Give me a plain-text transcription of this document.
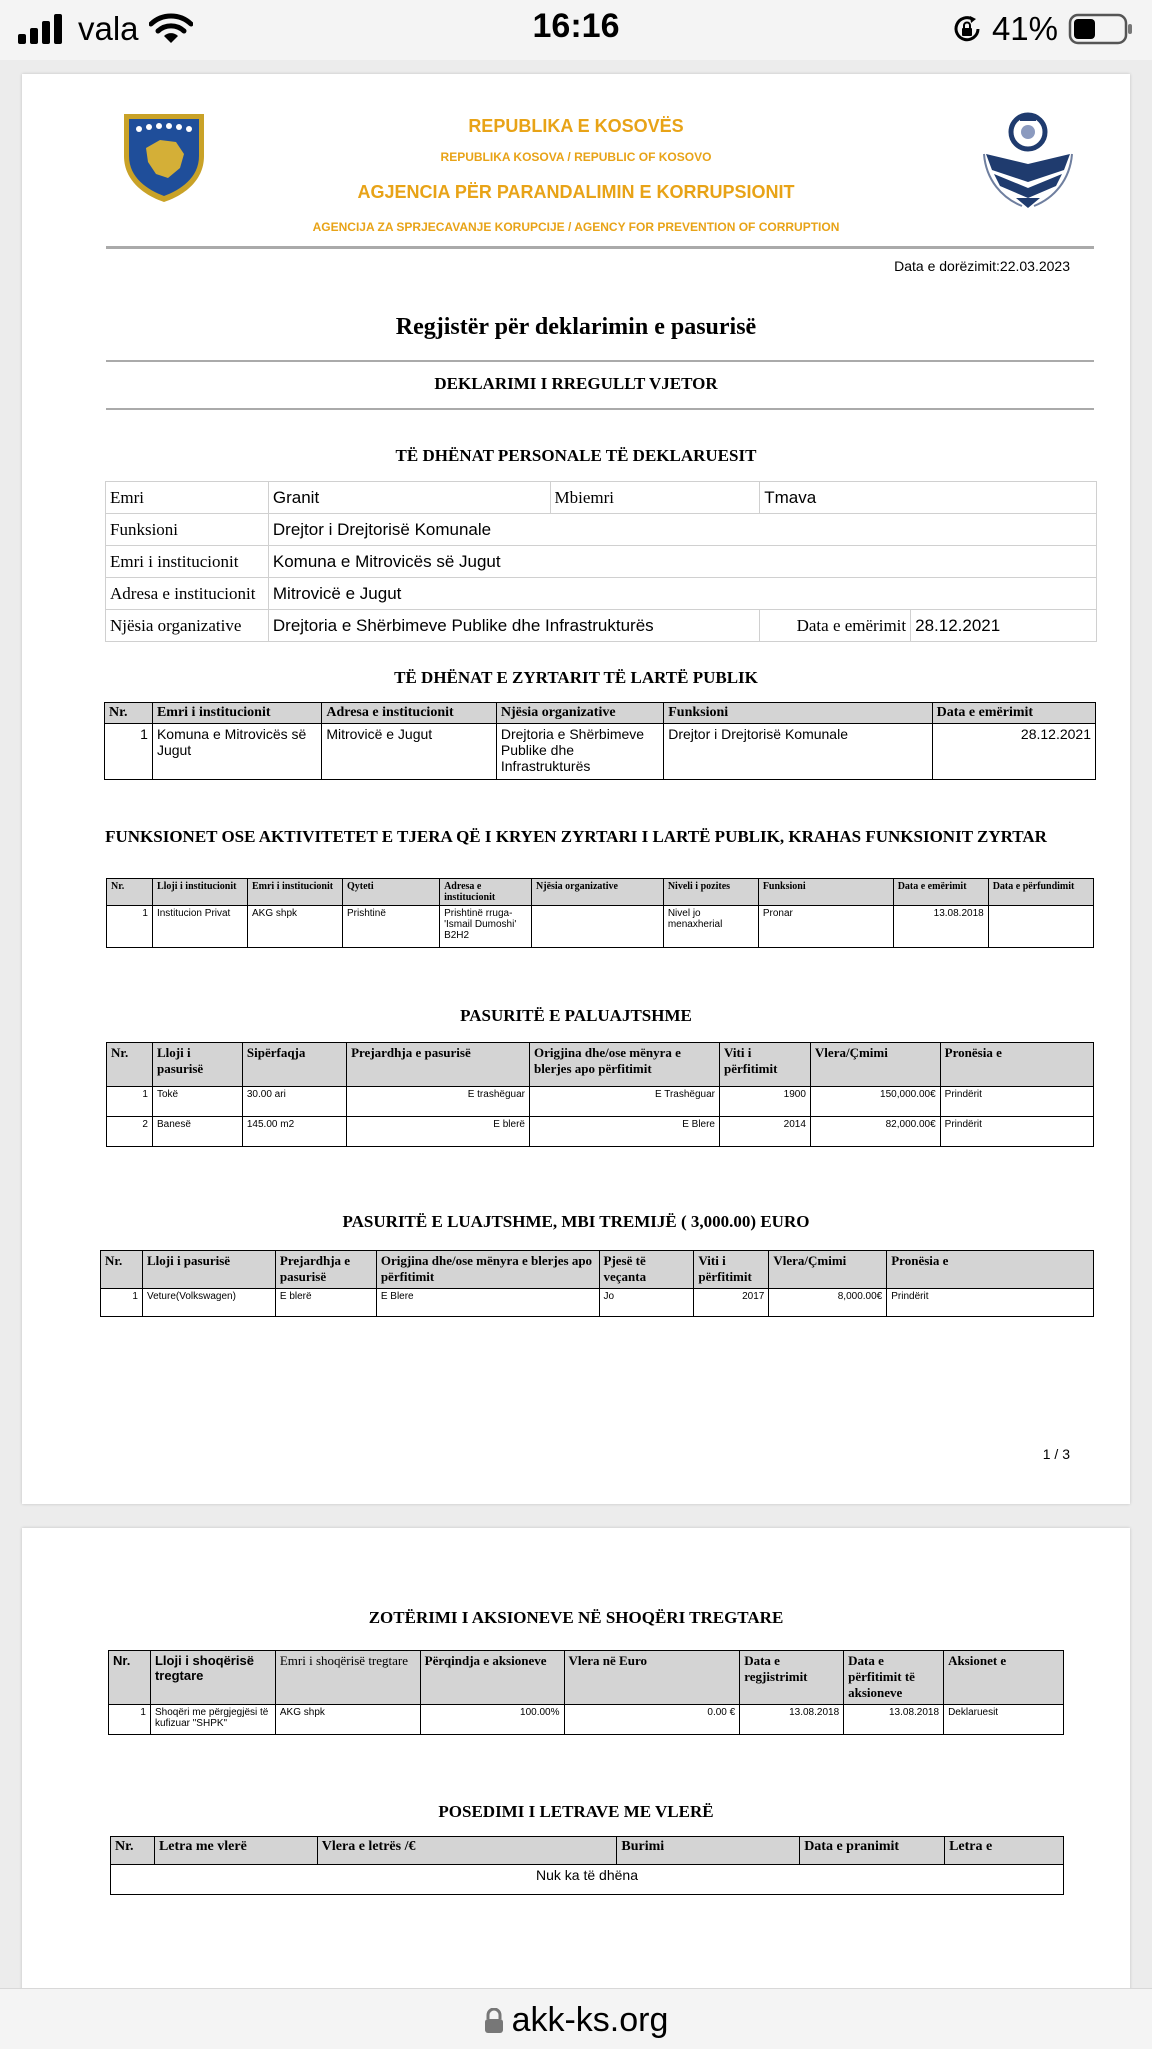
vala	16:16	41%
REPUBLIKA E KOSOVËS
REPUBLIKA KOSOVA / REPUBLIC OF KOSOVO
AGJENCIA PËR PARANDALIMIN E KORRUPSIONIT
AGENCIJA ZA SPRJECAVANJE KORUPCIJE / AGENCY FOR PREVENTION OF CORRUPTION
Data e dorëzimit:22.03.2023
Regjistër për deklarimin e pasurisë
DEKLARIMI I RREGULLT VJETOR
TË DHËNAT PERSONALE TË DEKLARUESIT
Emri	Granit	Mbiemri	Tmava	
Funksioni	Drejtor i Drejtorisë Komunale			
Emri i institucionit	Komuna e Mitrovicës së Jugut			
Adresa e institucionit	Mitrovicë e Jugut			
Njësia organizative	Drejtoria e Shërbimeve Publike dhe Infrastrukturës		Data e emërimit	28.12.2021
TË DHËNAT E ZYRTARIT TË LARTË PUBLIK
Nr.	Emri i institucionit	Adresa e institucionit	Njësia organizative	Funksioni	Data e emërimit
1	Komuna e Mitrovicës së Jugut	Mitrovicë e Jugut	Drejtoria e Shërbimeve Publike dhe Infrastrukturës	Drejtor i Drejtorisë Komunale	28.12.2021
FUNKSIONET OSE AKTIVITETET E TJERA QË I KRYEN ZYRTARI I LARTË PUBLIK, KRAHAS FUNKSIONIT ZYRTAR
Nr.	Lloji i institucionit	Emri i institucionit	Qyteti	Adresa e institucionit	Njësia organizative	Niveli i pozites	Funksioni	Data e emërimit	Data e përfundimit
1	Institucion Privat	AKG shpk	Prishtinë	Prishtinë rruga-'Ismail Dumoshi' B2H2		Nivel jo menaxherial	Pronar	13.08.2018	
PASURITË E PALUAJTSHME
Nr.	Lloji i pasurisë	Sipërfaqja	Prejardhja e pasurisë	Origjina dhe/ose mënyra e blerjes apo përfitimit	Viti i përfitimit	Vlera/Çmimi	Pronësia e
1	Tokë	30.00 ari	E trashëguar	E Trashëguar	1900	150,000.00€	Prindërit
2	Banesë	145.00 m2	E blerë	E Blere	2014	82,000.00€	Prindërit
PASURITË E LUAJTSHME, MBI TREMIJË ( 3,000.00) EURO
Nr.	Lloji i pasurisë	Prejardhja e pasurisë	Origjina dhe/ose mënyra e blerjes apo përfitimit	Pjesë të veçanta	Viti i përfitimit	Vlera/Çmimi	Pronësia e
1	Veture(Volkswagen)	E blerë	E Blere	Jo	2017	8,000.00€	Prindërit
1 / 3
ZOTËRIMI I AKSIONEVE NË SHOQËRI TREGTARE
Nr.	Lloji i shoqërisë tregtare	Emri i shoqërisë tregtare	Përqindja e aksioneve	Vlera në Euro	Data e regjistrimit	Data e përfitimit të aksioneve	Aksionet e
1	Shoqëri me përgjegjësi të kufizuar "SHPK"	AKG shpk	100.00%	0.00 €	13.08.2018	13.08.2018	Deklaruesit
POSEDIMI I LETRAVE ME VLERË
Nr.	Letra me vlerë	Vlera e letrës /€	Burimi	Data e pranimit	Letra e
Nuk ka të dhëna
akk-ks.org
